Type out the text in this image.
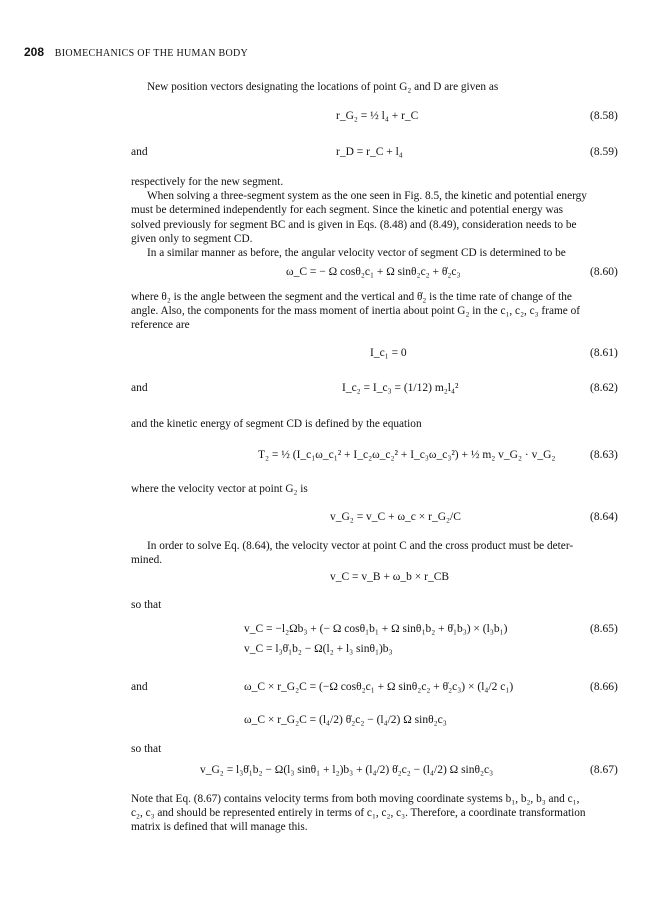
208 BIOMECHANICS OF THE HUMAN BODY
New position vectors designating the locations of point G₂ and D are given as
r_G₂ = ½ l₄ + r_C	(8.58)
and	r_D = r_C + l₄	(8.59)
respectively for the new segment.
When solving a three-segment system as the one seen in Fig. 8.5, the kinetic and potential energy
must be determined independently for each segment. Since the kinetic and potential energy was
solved previously for segment BC and is given in Eqs. (8.48) and (8.49), consideration needs to be
given only to segment CD.
In a similar manner as before, the angular velocity vector of segment CD is determined to be
ω_C = − Ω cosθ₂c₁ + Ω sinθ₂c₂ + θ̇₂c₃	(8.60)
where θ₂ is the angle between the segment and the vertical and θ̇₂ is the time rate of change of the
angle. Also, the components for the mass moment of inertia about point G₂ in the c₁, c₂, c₃ frame of
reference are
I_c₁ = 0	(8.61)
and	I_c₂ = I_c₃ = (1/12) m₂l₄²	(8.62)
and the kinetic energy of segment CD is defined by the equation
T₂ = ½ (I_c₁ω_c₁² + I_c₂ω_c₂² + I_c₃ω_c₃²) + ½ m₂ v_G₂ · v_G₂	(8.63)
where the velocity vector at point G₂ is
v_G₂ = v_C + ω_c × r_G₂/C	(8.64)
In order to solve Eq. (8.64), the velocity vector at point C and the cross product must be deter-
mined.
v_C = v_B + ω_b × r_CB
so that
v_C = −l₂Ωb₃ + (− Ω cosθ₁b₁ + Ω sinθ₁b₂ + θ̇₁b₃) × (l₃b₁)	(8.65)
v_C = l₃θ̇₁b₂ − Ω(l₂ + l₃ sinθ₁)b₃
and	ω_C × r_G₂C = (−Ω cosθ₂c₁ + Ω sinθ₂c₂ + θ̇₂c₃) × (l₄/2 c₁)	(8.66)
ω_C × r_G₂C = (l₄/2) θ̇₂c₂ − (l₄/2) Ω sinθ₂c₃
so that
v_G₂ = l₃θ̇₁b₂ − Ω(l₃ sinθ₁ + l₂)b₃ + (l₄/2) θ̇₂c₂ − (l₄/2) Ω sinθ₂c₃	(8.67)
Note that Eq. (8.67) contains velocity terms from both moving coordinate systems b₁, b₂, b₃ and c₁,
c₂, c₃ and should be represented entirely in terms of c₁, c₂, c₃. Therefore, a coordinate transformation
matrix is defined that will manage this.
